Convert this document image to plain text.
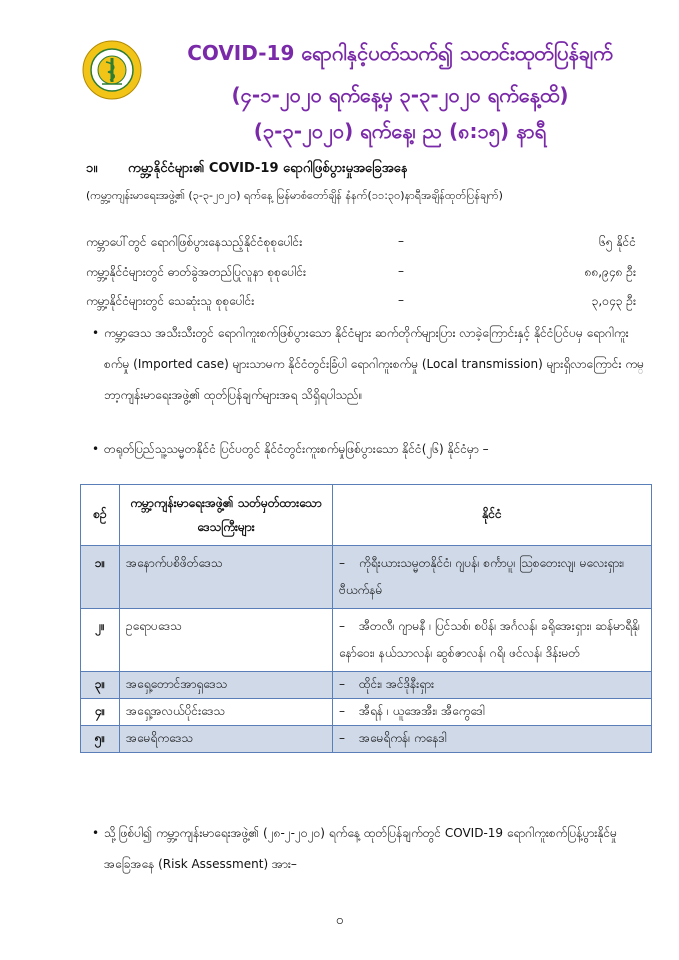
COVID-19 ရောဂါနှင့်ပတ်သက်၍ သတင်းထုတ်ပြန်ချက်
(၄-၁-၂၀၂၀ ရက်နေ့မှ ၃-၃-၂၀၂၀ ရက်နေ့ထိ)
(၃-၃-၂၀၂၀) ရက်နေ့၊ ည (၈:၁၅) နာရီ
၁။ ကမ္ဘာ့နိုင်ငံများ၏ COVID-19 ရောဂါဖြစ်ပွားမှုအခြေအနေ
(ကမ္ဘာ့ကျန်းမာရေးအဖွဲ့၏ (၃-၃-၂၀၂၀) ရက်နေ့ မြန်မာစံတော်ချိန် နံနက်(၁၁:၃၀)နာရီအချိန်ထုတ်ပြန်ချက်)
ကမ္ဘာပေါ်တွင် ရောဂါဖြစ်ပွားနေသည့်နိုင်ငံစုစုပေါင်း	–	၆၅ နိုင်ငံ
ကမ္ဘာ့နိုင်ငံများတွင် ဓာတ်ခွဲအတည်ပြုလူနာ စုစုပေါင်း	–	၈၈,၉၄၈ ဦး
ကမ္ဘာ့နိုင်ငံများတွင် သေဆုံးသူ စုစုပေါင်း	–	၃,၀၄၃ ဦး
• ကမ္ဘာ့ဒေသ အသီးသီးတွင် ရောဂါကူးစက်ဖြစ်ပွားသော နိုင်ငံများ ဆက်တိုက်များပြား လာခဲ့ကြောင်းနှင့် နိုင်ငံပြင်ပမှ ရောဂါကူးစက်မှု (Imported case) များသာမက နိုင်ငံတွင်းခြံပါ ရောဂါကူးစက်မှု (Local transmission) များရှိလာကြောင်း ကမ္ဘာ့ကျန်းမာရေးအဖွဲ့၏ ထုတ်ပြန်ချက်များအရ သိရှိရပါသည်။
• တရုတ်ပြည်သူ့သမ္မတနိုင်ငံ ပြင်ပတွင် နိုင်ငံတွင်းကူးစက်မှုဖြစ်ပွားသော နိုင်ငံ(၂၆) နိုင်ငံမှာ –
စဉ်	ကမ္ဘာ့ကျန်းမာရေးအဖွဲ့၏ သတ်မှတ်ထားသော ဒေသကြီးများ	နိုင်ငံ
၁။	အနောက်ပစိဖိတ်ဒေသ	– ကိုရီးယားသမ္မတနိုင်ငံ၊ ဂျပန်၊ စင်္ကာပူ၊ ဩစတေးလျ၊ မလေးရှား၊ ဗီယက်နမ်
၂။	ဥရောပဒေသ	– အီတလီ၊ ဂျာမနီ ၊ ပြင်သစ်၊ စပိန်၊ အင်္ဂလန်၊ ခရိုအေးရှား၊ ဆန်မာရီနို၊ နော်ဝေး၊ နယ်သာလန်၊ ဆွစ်ဇာလန်၊ ဂရိ၊ ဖင်လန်၊ ဒိန်းမတ်
၃။	အရှေ့တောင်အာရှဒေသ	– ထိုင်း၊ အင်ဒိုနီးရှား
၄။	အရှေ့အလယ်ပိုင်းဒေသ	– အီရန် ၊ ယူအေအီး၊ အီကွေဒေါ
၅။	အမေရိကဒေသ	– အမေရိကန်၊ ကနေဒါ
• သို့ဖြစ်ပါ၍ ကမ္ဘာ့ကျန်းမာရေးအဖွဲ့၏ (၂၈-၂-၂၀၂၀) ရက်နေ့ ထုတ်ပြန်ချက်တွင် COVID-19 ရောဂါကူးစက်ပြန့်ပွားနိုင်မှု အခြေအနေ (Risk Assessment) အား–
၀
